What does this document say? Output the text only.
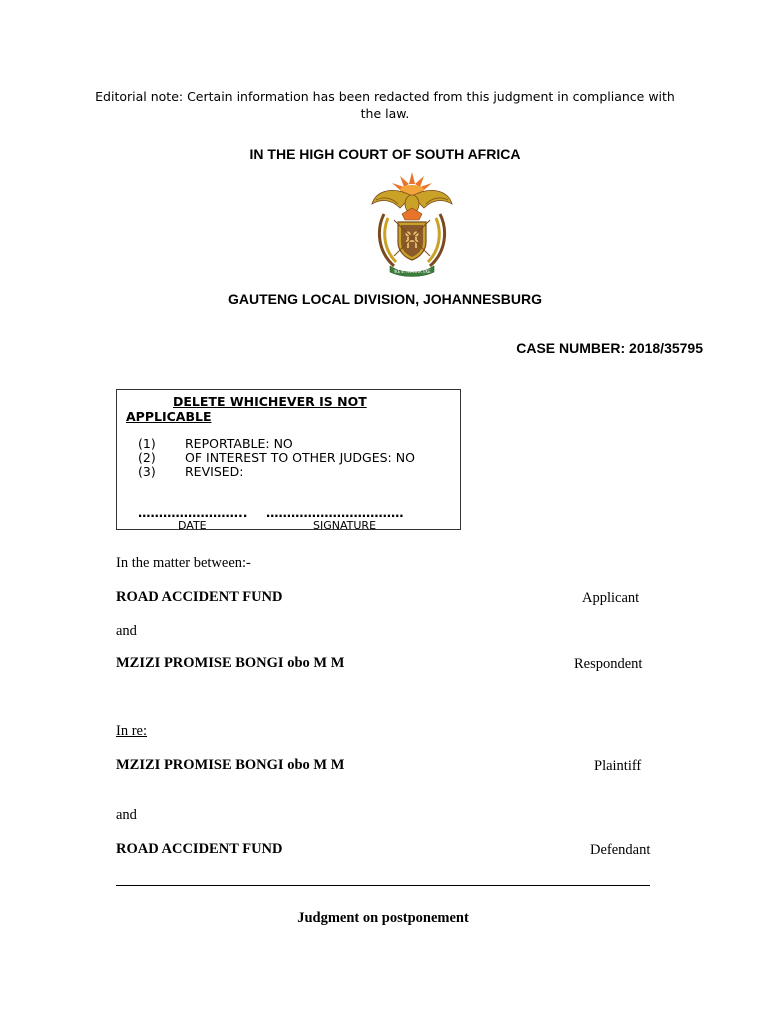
Editorial note: Certain information has been redacted from this judgment in compliance with the law.
IN THE HIGH COURT OF SOUTH AFRICA
!KE E: /XARRA //KE
GAUTENG LOCAL DIVISION, JOHANNESBURG
CASE NUMBER: 2018/35795
DELETE WHICHEVER IS NOT APPLICABLE
(1) REPORTABLE: NO
(2) OF INTEREST TO OTHER JUDGES: NO
(3) REVISED:
…………………….. ……………………………
DATE	SIGNATURE
In the matter between:-
ROAD ACCIDENT FUND	Applicant
and
MZIZI PROMISE BONGI obo M M	Respondent
In re:
MZIZI PROMISE BONGI obo M M	Plaintiff
and
ROAD ACCIDENT FUND	Defendant
Judgment on postponement
